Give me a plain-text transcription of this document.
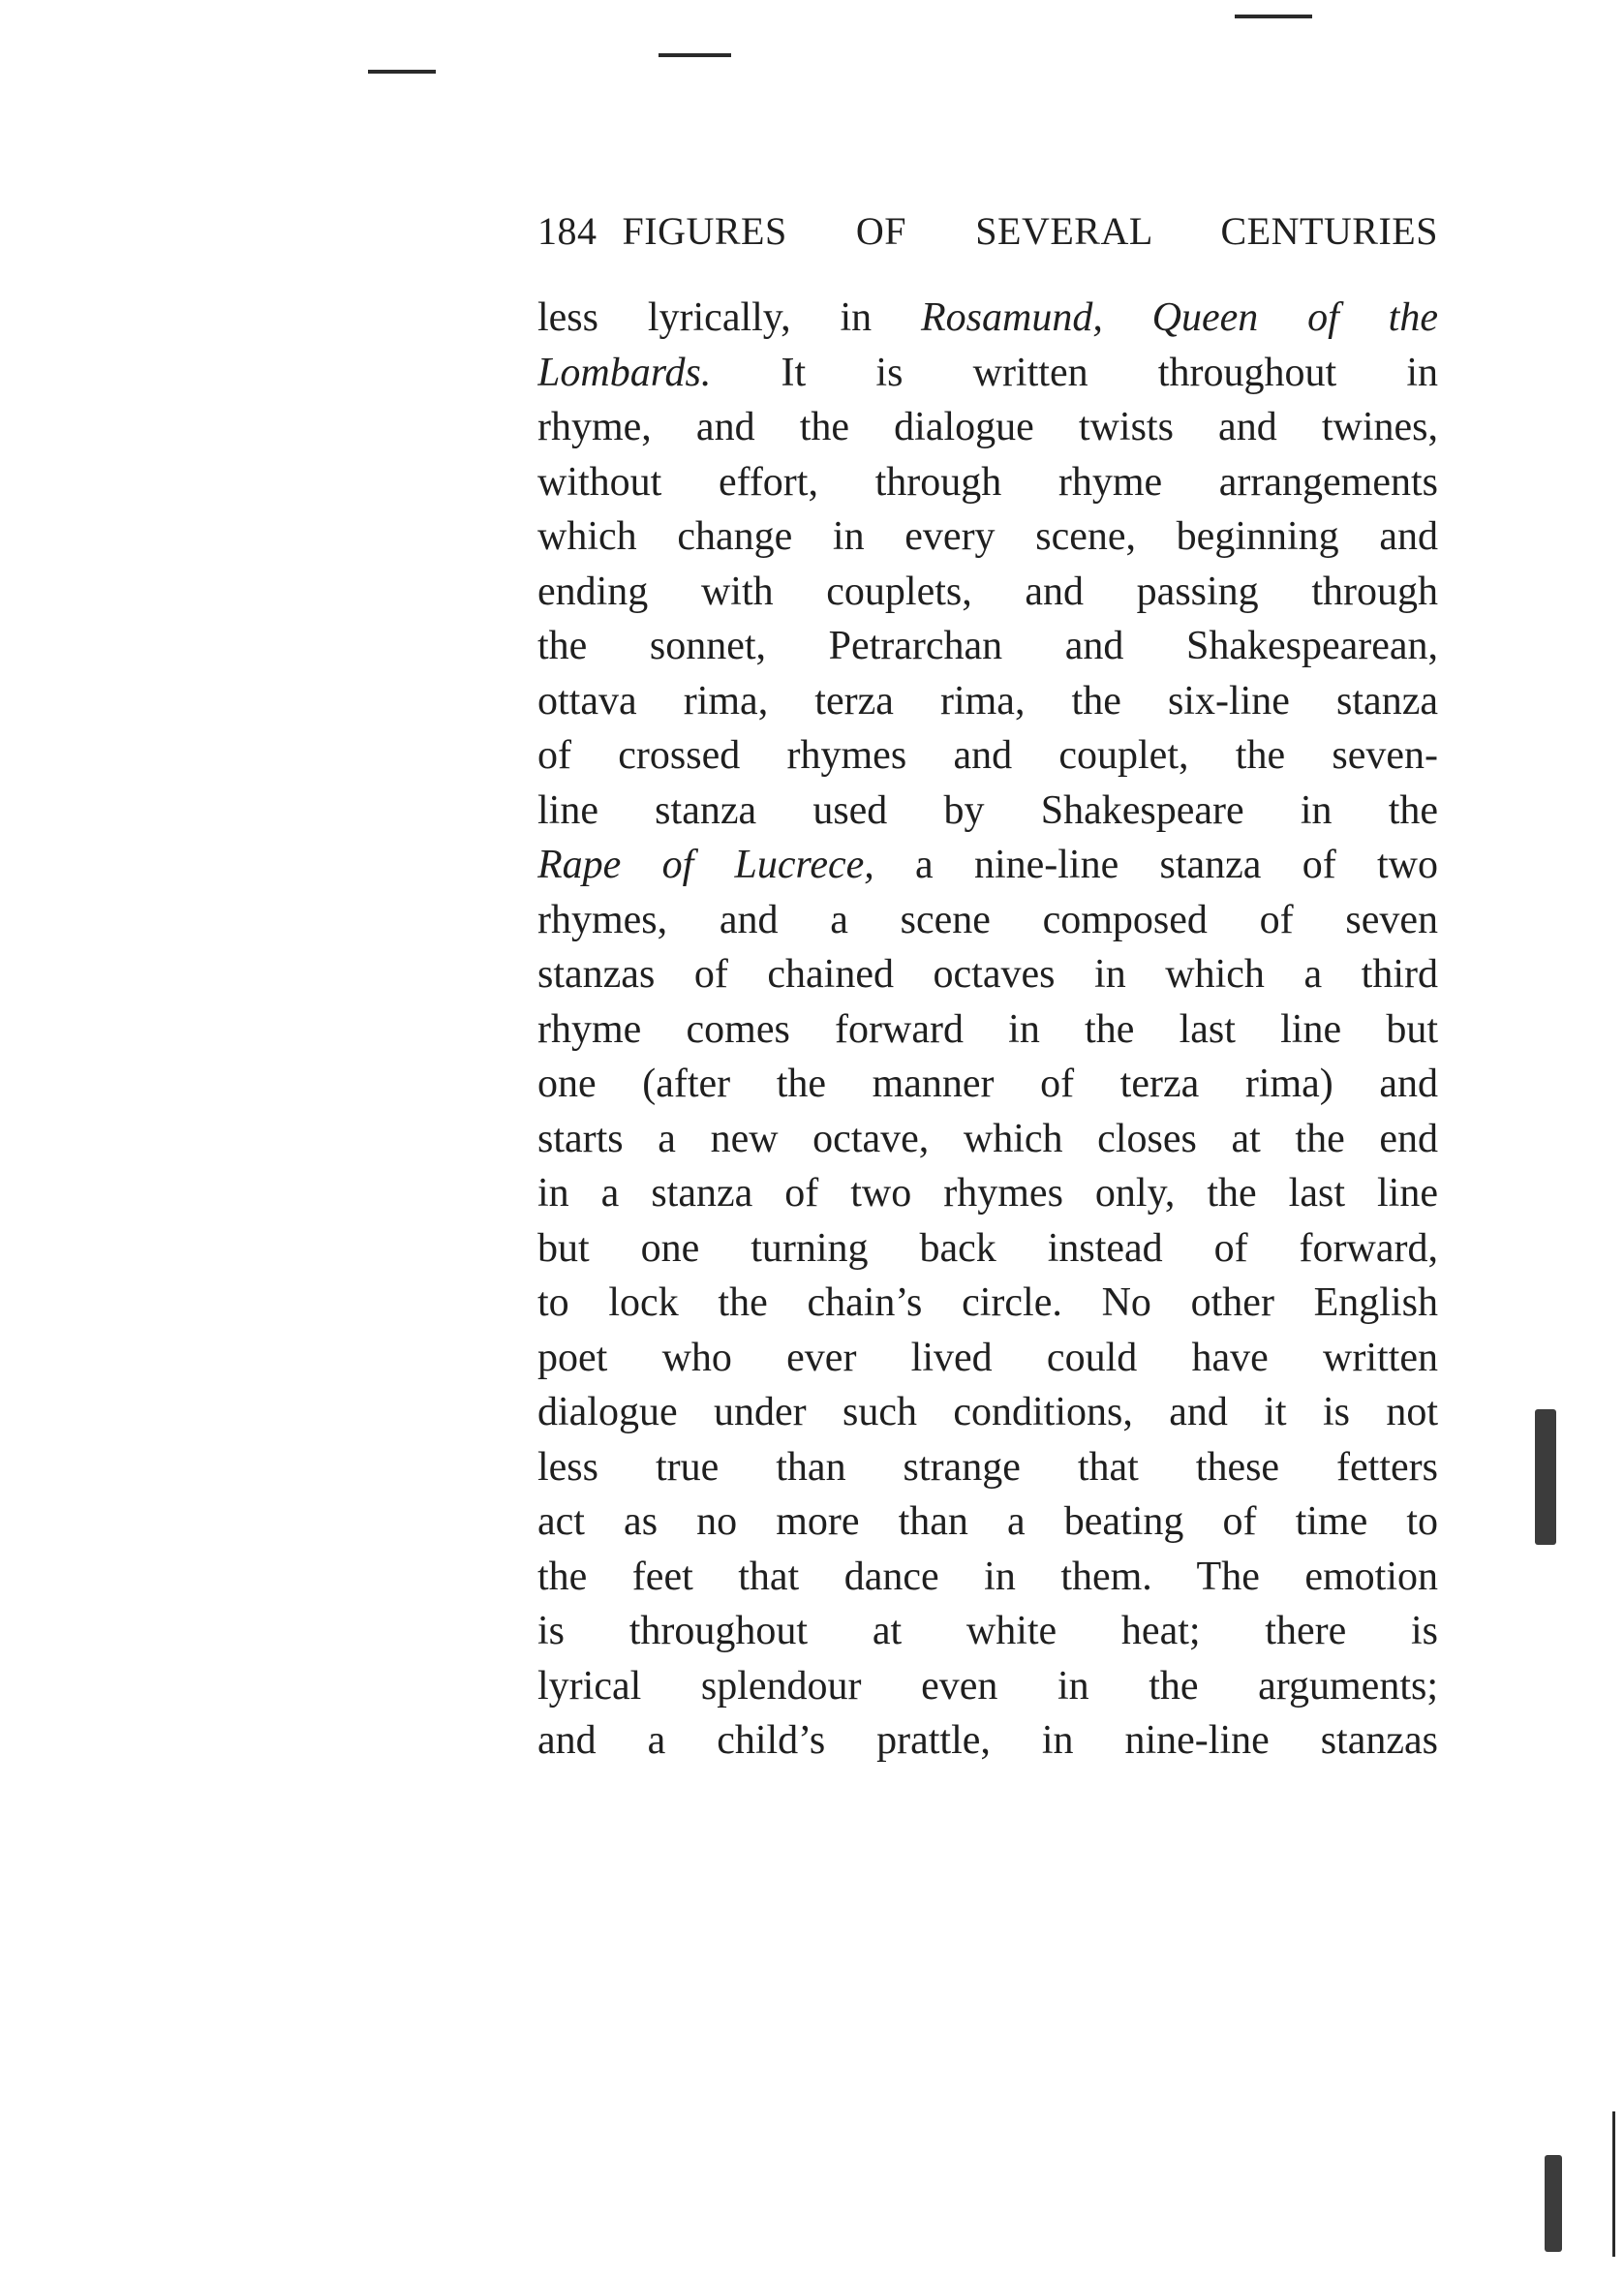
184 FIGURES OF SEVERAL CENTURIES
less lyrically, in Rosamund, Queen of the
Lombards. It is written throughout in
rhyme, and the dialogue twists and twines,
without effort, through rhyme arrangements
which change in every scene, beginning and
ending with couplets, and passing through
the sonnet, Petrarchan and Shakespearean,
ottava rima, terza rima, the six-line stanza
of crossed rhymes and couplet, the seven-
line stanza used by Shakespeare in the
Rape of Lucrece, a nine-line stanza of two
rhymes, and a scene composed of seven
stanzas of chained octaves in which a third
rhyme comes forward in the last line but
one (after the manner of terza rima) and
starts a new octave, which closes at the end
in a stanza of two rhymes only, the last line
but one turning back instead of forward,
to lock the chain’s circle. No other English
poet who ever lived could have written
dialogue under such conditions, and it is not
less true than strange that these fetters
act as no more than a beating of time to
the feet that dance in them. The emotion
is throughout at white heat; there is
lyrical splendour even in the arguments;
and a child’s prattle, in nine-line stanzas
